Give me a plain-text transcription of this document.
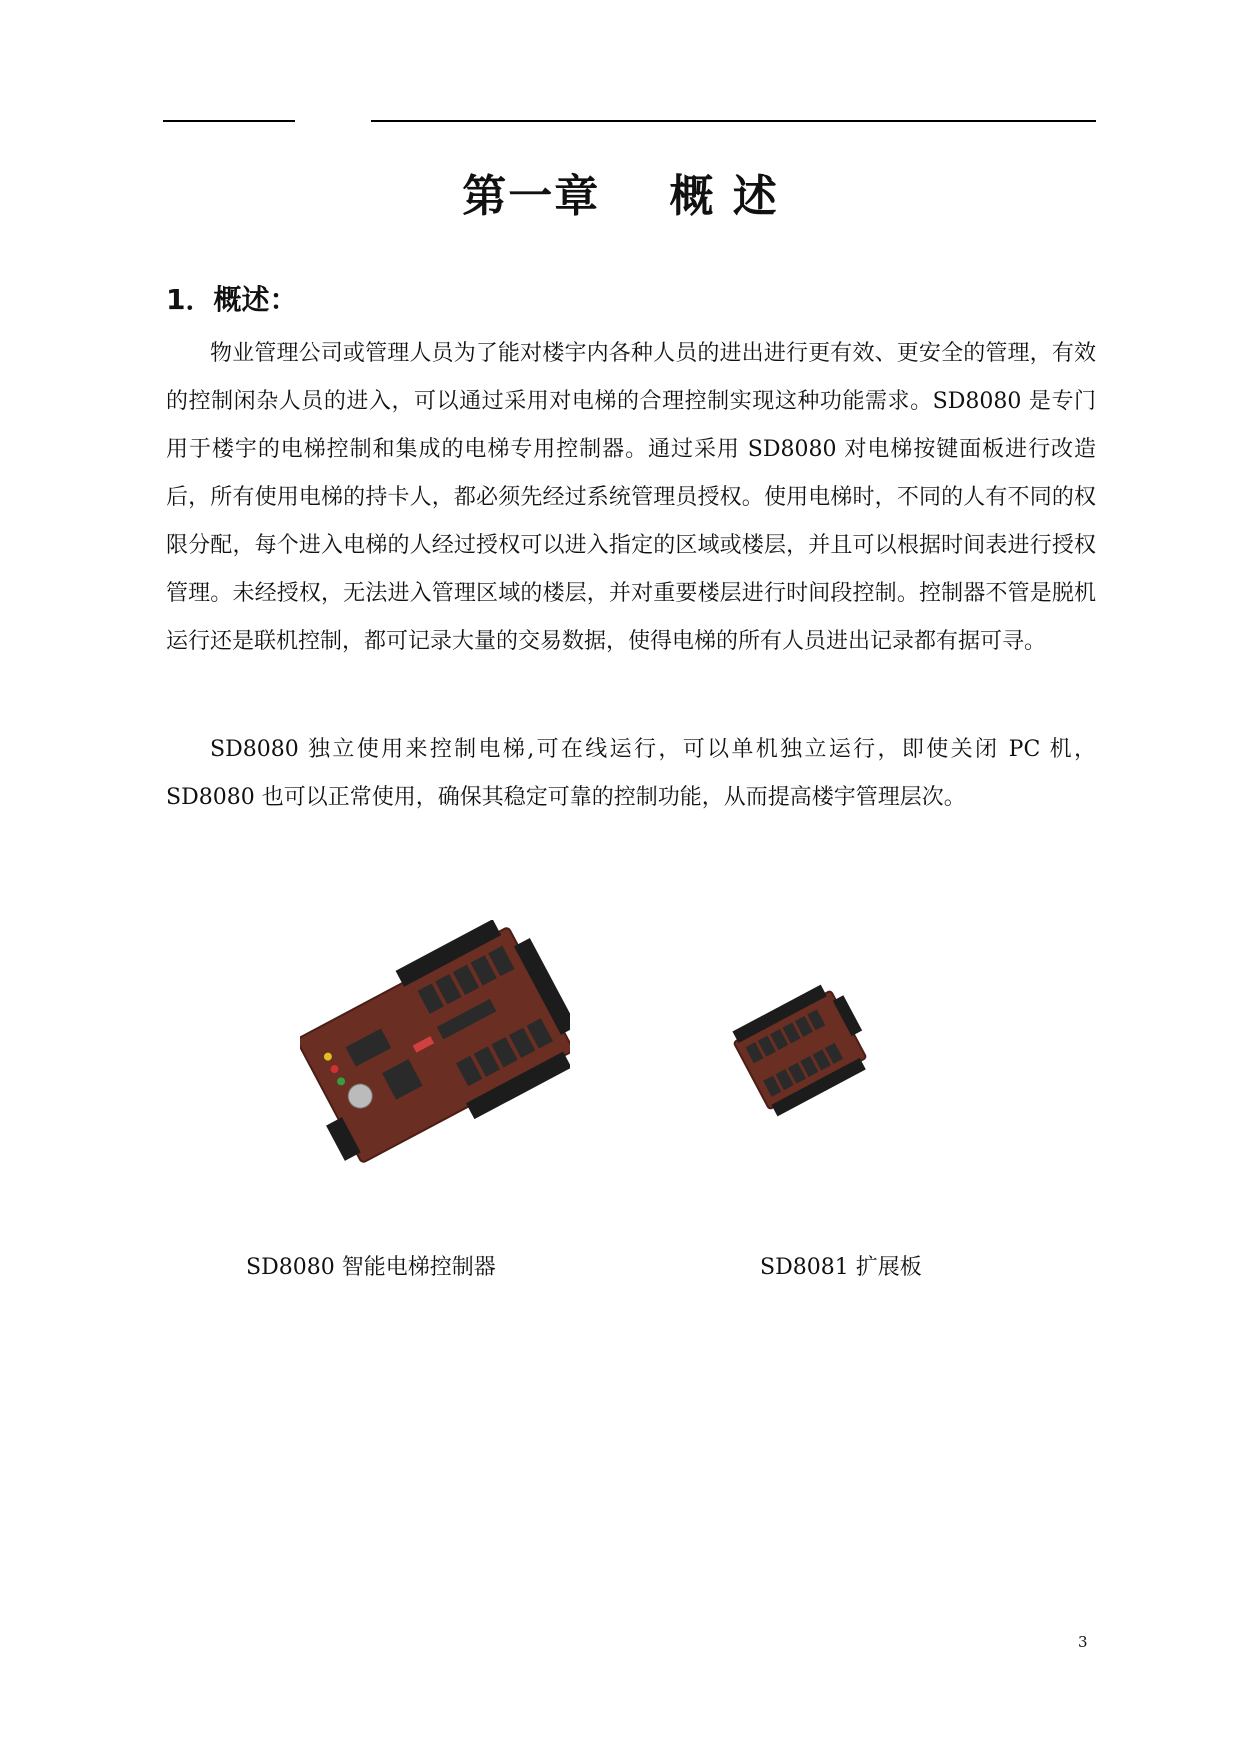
第一章    概 述
1．概述：

物业管理公司或管理人员为了能对楼宇内各种人员的进出进行更有效、更安全的管理，有效的控制闲杂人员的进入，可以通过采用对电梯的合理控制实现这种功能需求。SD8080 是专门用于楼宇的电梯控制和集成的电梯专用控制器。通过采用 SD8080 对电梯按键面板进行改造后，所有使用电梯的持卡人，都必须先经过系统管理员授权。使用电梯时，不同的人有不同的权限分配，每个进入电梯的人经过授权可以进入指定的区域或楼层，并且可以根据时间表进行授权管理。未经授权，无法进入管理区域的楼层，并对重要楼层进行时间段控制。控制器不管是脱机运行还是联机控制，都可记录大量的交易数据，使得电梯的所有人员进出记录都有据可寻。

SD8080 独立使用来控制电梯,可在线运行，可以单机独立运行，即使关闭 PC 机，SD8080 也可以正常使用，确保其稳定可靠的控制功能，从而提高楼宇管理层次。

SD8080 智能电梯控制器	SD8081 扩展板

3
